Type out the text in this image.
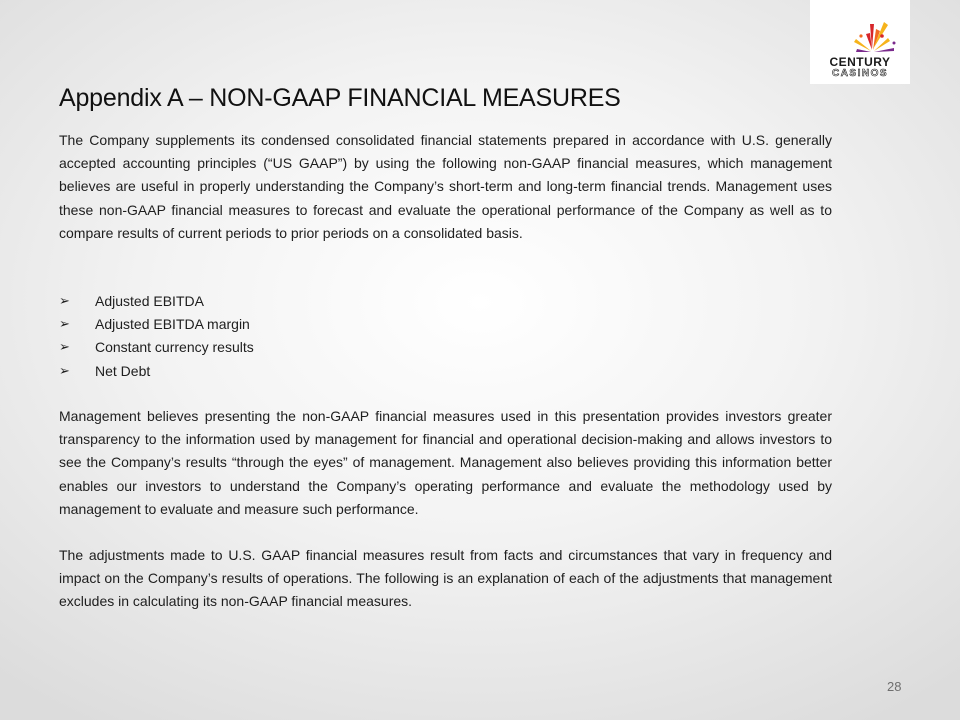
CENTURY
CASINOS
Appendix A – NON-GAAP FINANCIAL MEASURES

The Company supplements its condensed consolidated financial statements prepared in accordance with U.S. generally accepted accounting principles (“US GAAP”) by using the following non-GAAP financial measures, which management believes are useful in properly understanding the Company’s short-term and long-term financial trends. Management uses these non-GAAP financial measures to forecast and evaluate the operational performance of the Company as well as to compare results of current periods to prior periods on a consolidated basis.

➢ Adjusted EBITDA
➢ Adjusted EBITDA margin
➢ Constant currency results
➢ Net Debt

Management believes presenting the non-GAAP financial measures used in this presentation provides investors greater transparency to the information used by management for financial and operational decision-making and allows investors to see the Company’s results “through the eyes” of management. Management also believes providing this information better enables our investors to understand the Company’s operating performance and evaluate the methodology used by management to evaluate and measure such performance.

The adjustments made to U.S. GAAP financial measures result from facts and circumstances that vary in frequency and impact on the Company’s results of operations. The following is an explanation of each of the adjustments that management excludes in calculating its non-GAAP financial measures.

28
